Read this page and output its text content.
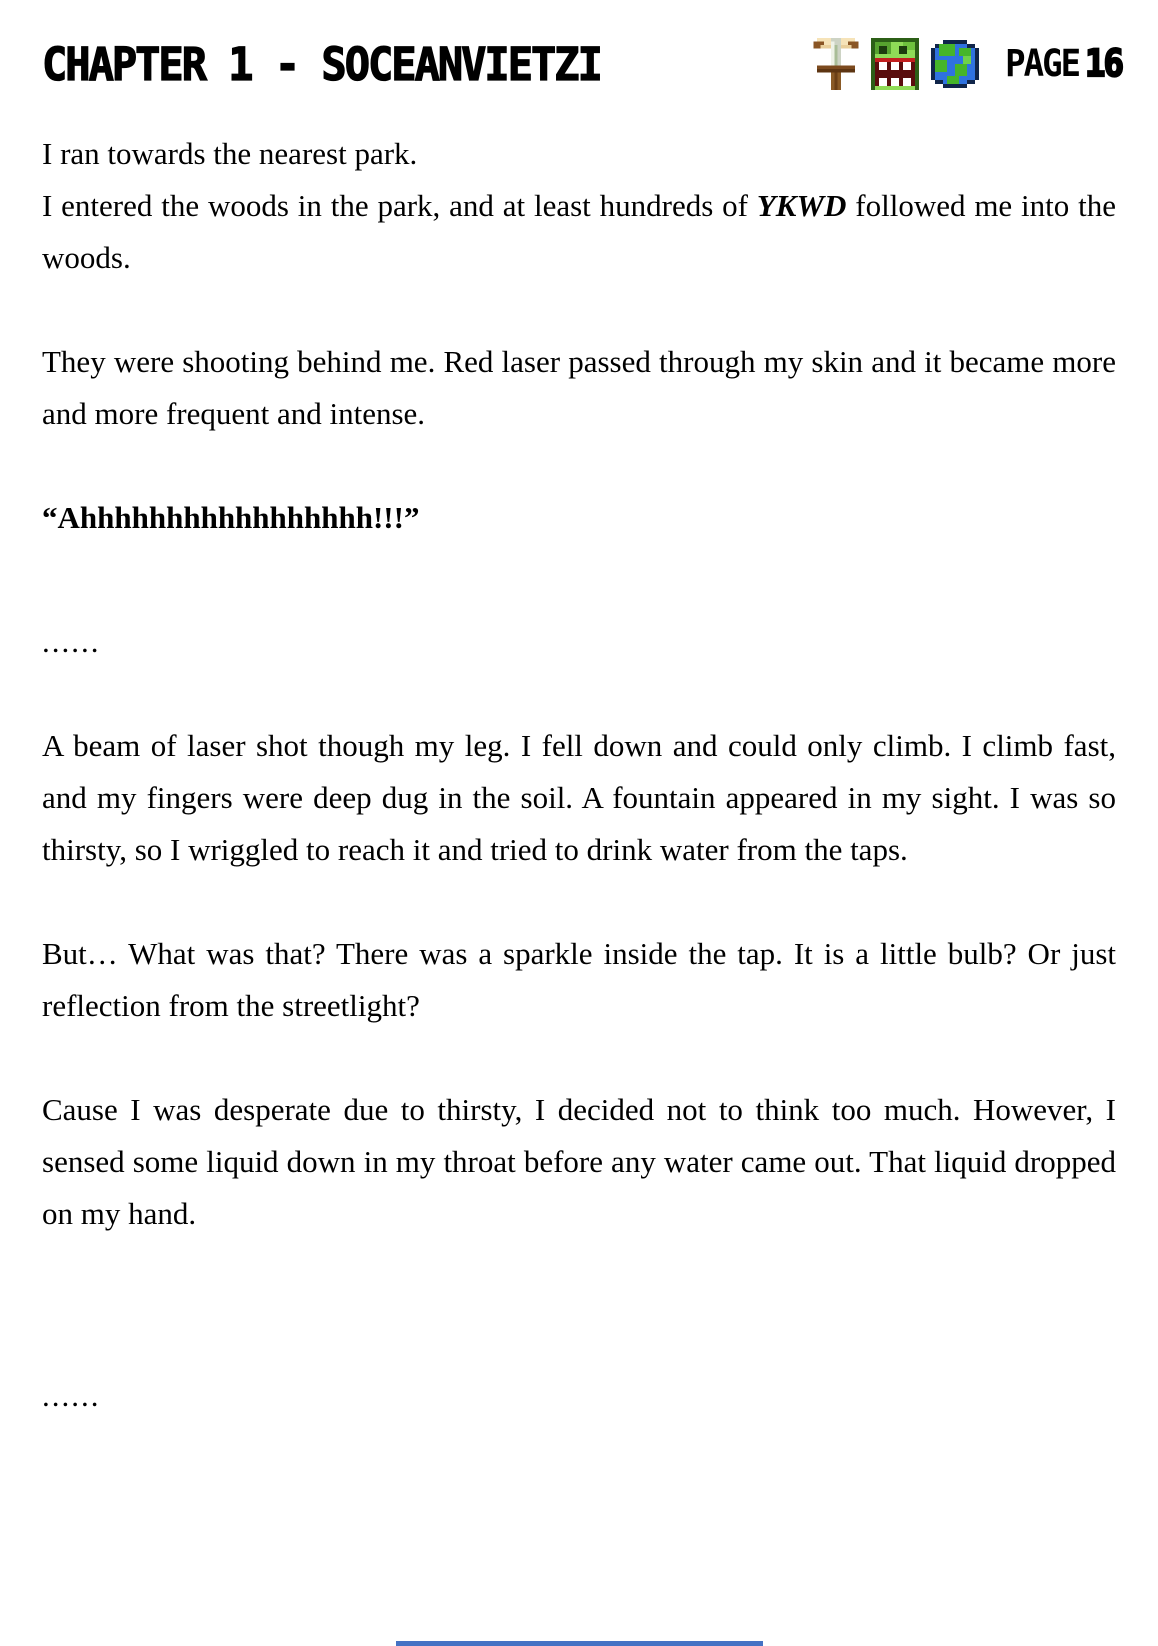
CHAPTER 1 - SOCEANVIETZI	PAGE 16

I ran towards the nearest park.

I entered the woods in the park, and at least hundreds of YKWD followed me into the woods.

They were shooting behind me. Red laser passed through my skin and it became more and more frequent and intense.

“Ahhhhhhhhhhhhhhhhh!!!”

......

A beam of laser shot though my leg. I fell down and could only climb. I climb fast, and my fingers were deep dug in the soil. A fountain appeared in my sight. I was so thirsty, so I wriggled to reach it and tried to drink water from the taps.

But… What was that? There was a sparkle inside the tap. It is a little bulb? Or just reflection from the streetlight?

Cause I was desperate due to thirsty, I decided not to think too much. However, I sensed some liquid down in my throat before any water came out. That liquid dropped on my hand.

......
